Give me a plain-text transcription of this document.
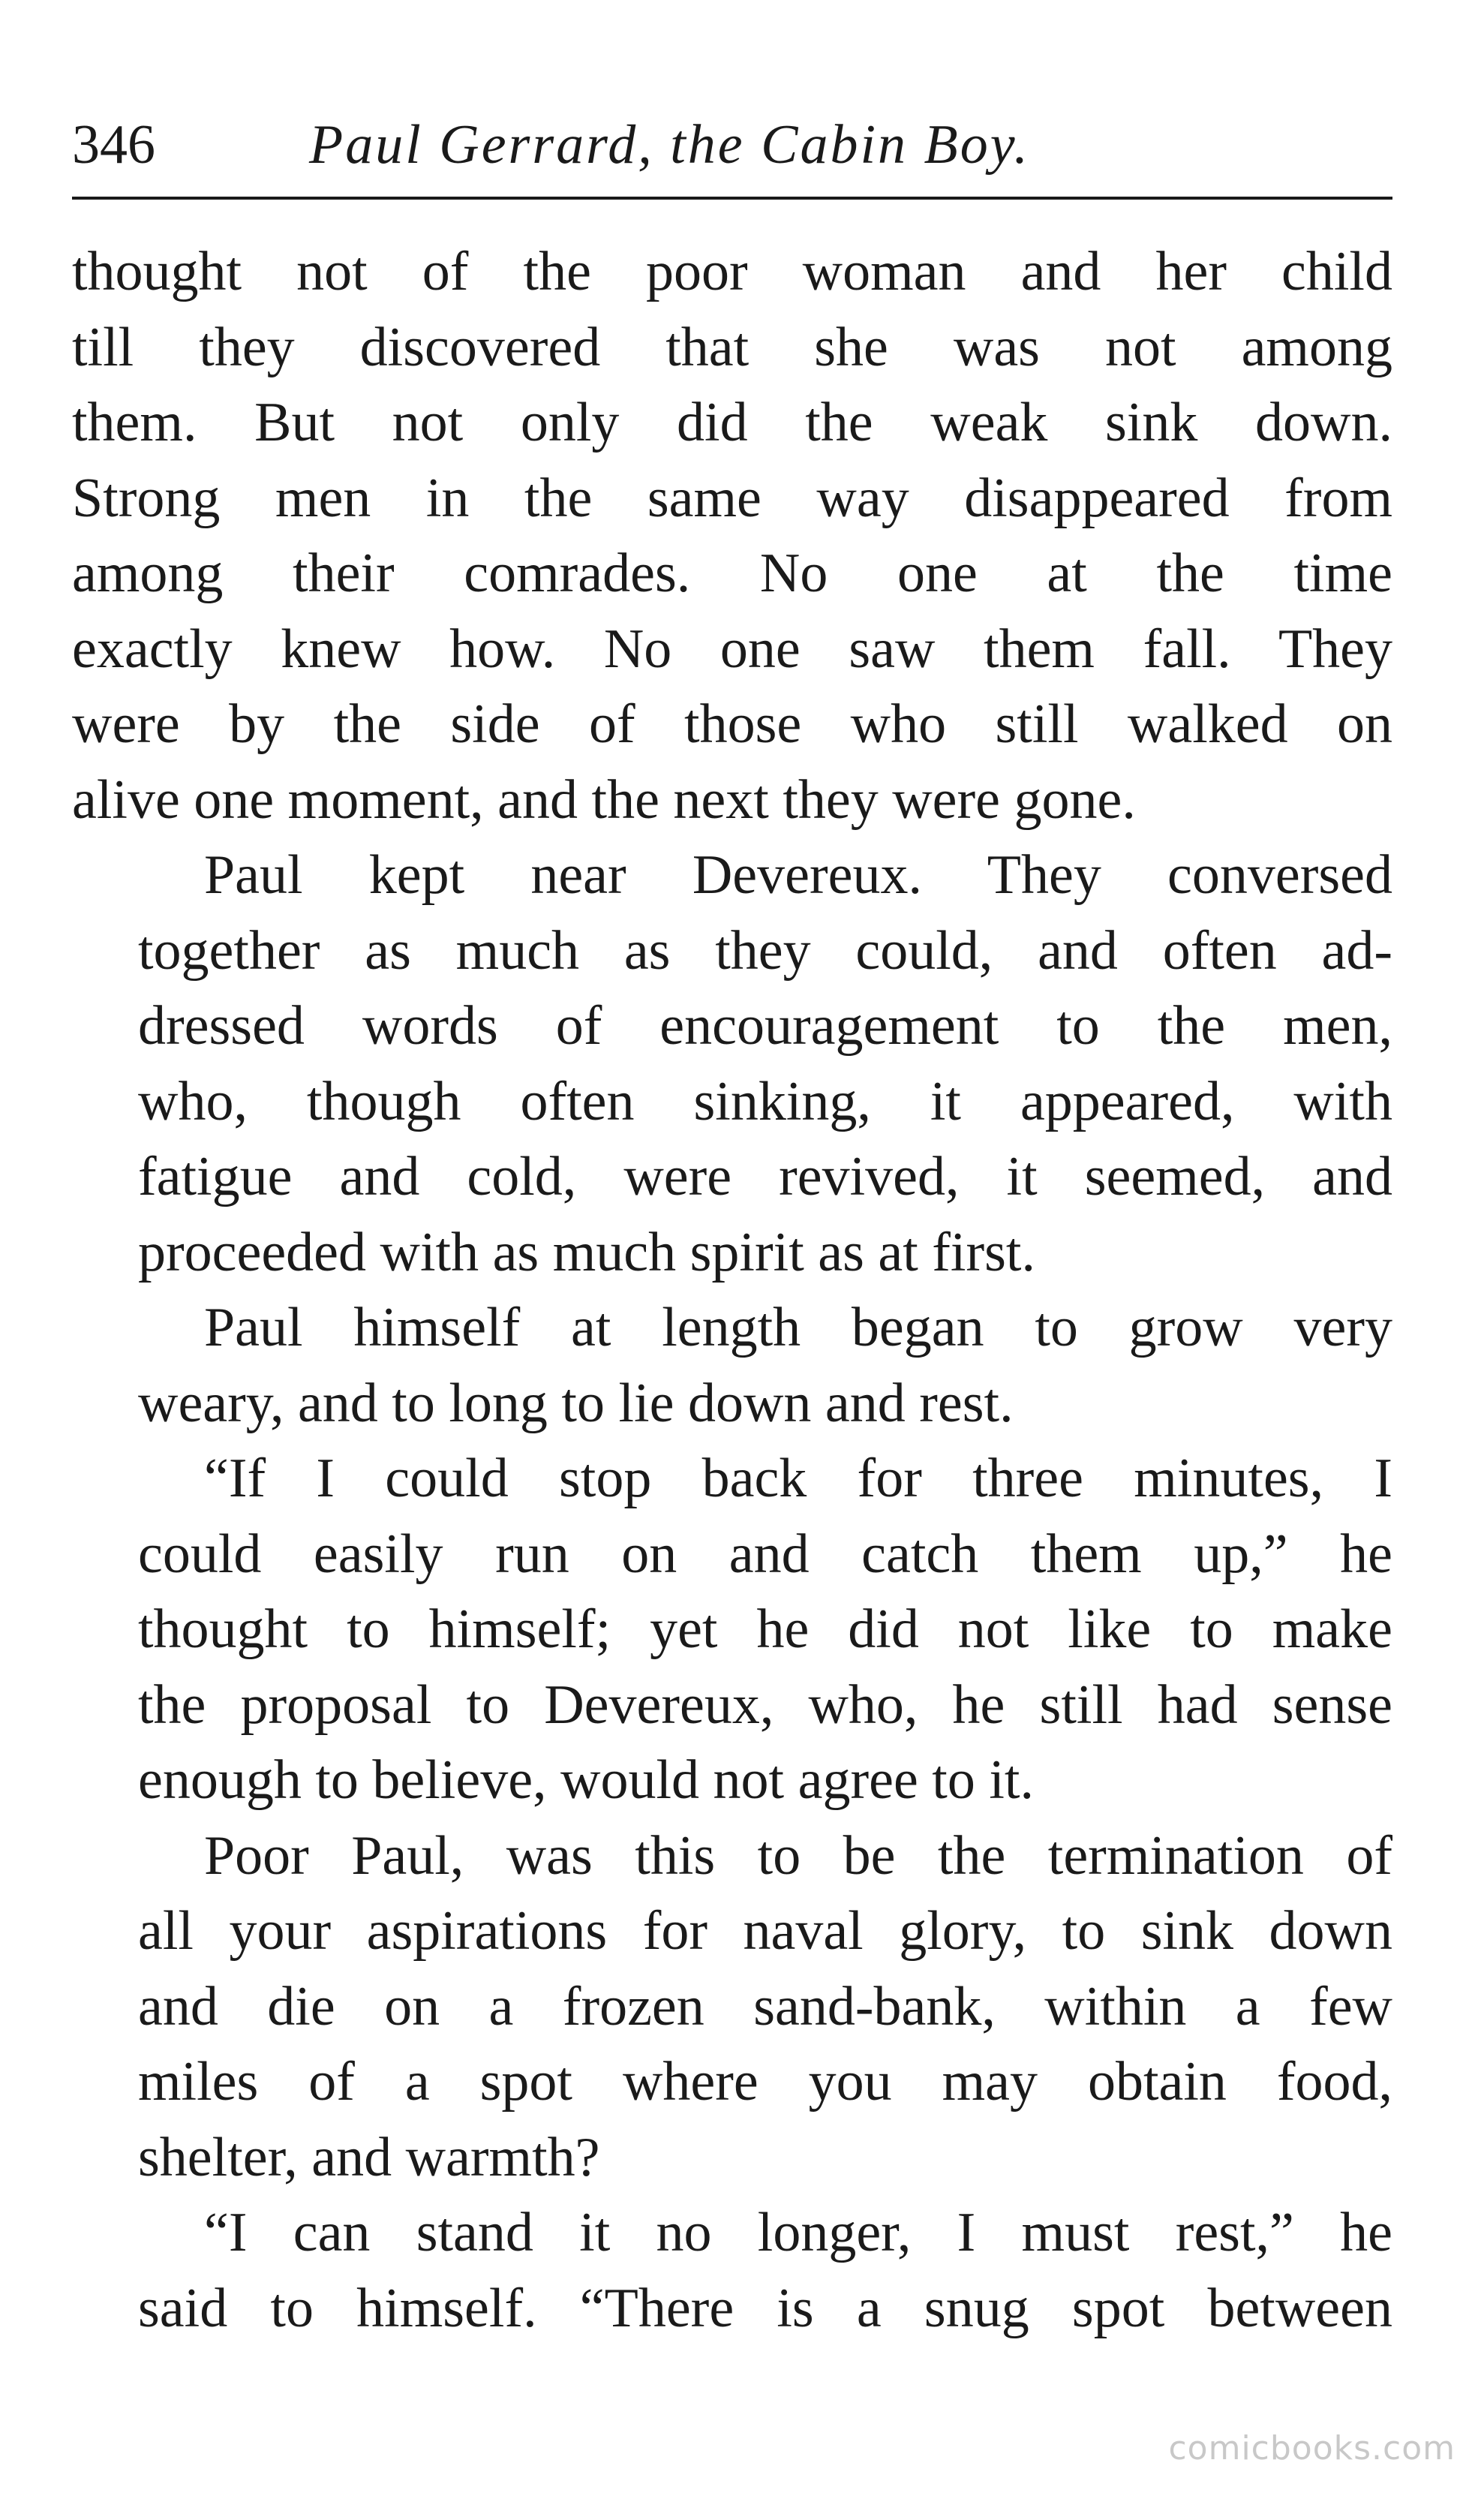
346	Paul Gerrard, the Cabin Boy.
thought not of the poor woman and her child
till they discovered that she was not among
them. But not only did the weak sink down.
Strong men in the same way disappeared from
among their comrades. No one at the time
exactly knew how. No one saw them fall. They
were by the side of those who still walked on
alive one moment, and the next they were gone.
Paul kept near Devereux. They conversed
together as much as they could, and often ad-
dressed words of encouragement to the men,
who, though often sinking, it appeared, with
fatigue and cold, were revived, it seemed, and
proceeded with as much spirit as at first.
Paul himself at length began to grow very
weary, and to long to lie down and rest.
“If I could stop back for three minutes, I
could easily run on and catch them up,” he
thought to himself; yet he did not like to make
the proposal to Devereux, who, he still had sense
enough to believe, would not agree to it.
Poor Paul, was this to be the termination of
all your aspirations for naval glory, to sink down
and die on a frozen sand-bank, within a few
miles of a spot where you may obtain food,
shelter, and warmth?
“I can stand it no longer, I must rest,” he
said to himself. “There is a snug spot between
comicbooks.com
